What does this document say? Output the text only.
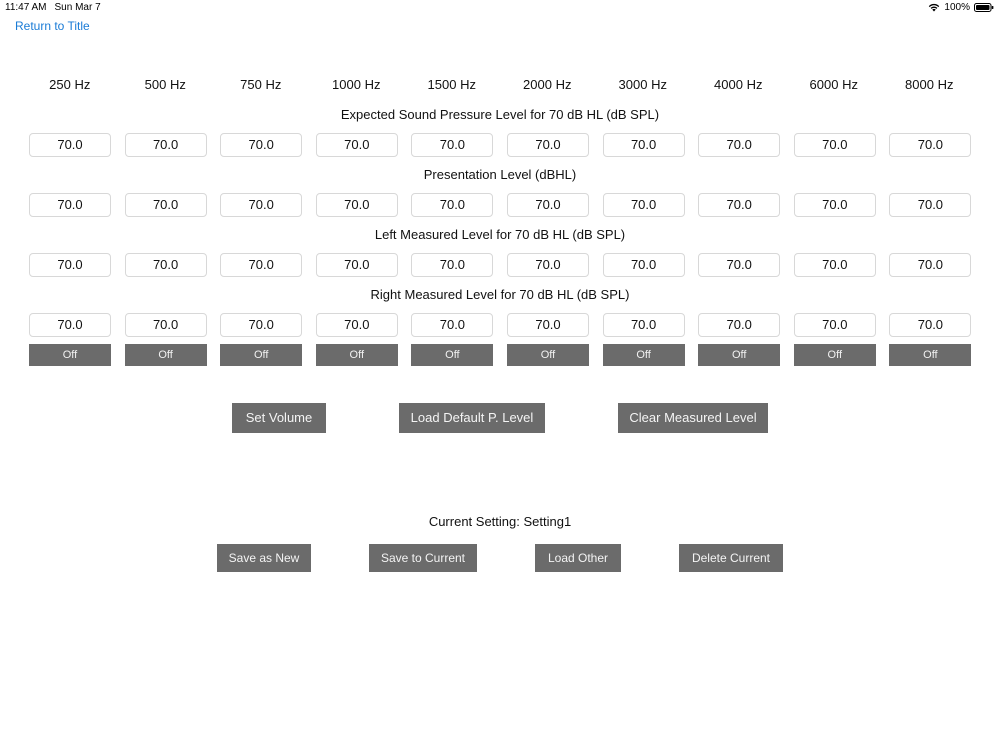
11:47 AM Sun Mar 7	100%
Return to Title
250 Hz	500 Hz	750 Hz	1000 Hz	1500 Hz	2000 Hz	3000 Hz	4000 Hz	6000 Hz	8000 Hz
Expected Sound Pressure Level for 70 dB HL (dB SPL)
70.0	70.0	70.0	70.0	70.0	70.0	70.0	70.0	70.0	70.0
Presentation Level (dBHL)
70.0	70.0	70.0	70.0	70.0	70.0	70.0	70.0	70.0	70.0
Left Measured Level for 70 dB HL (dB SPL)
70.0	70.0	70.0	70.0	70.0	70.0	70.0	70.0	70.0	70.0
Right Measured Level for 70 dB HL (dB SPL)
70.0	70.0	70.0	70.0	70.0	70.0	70.0	70.0	70.0	70.0
Off	Off	Off	Off	Off	Off	Off	Off	Off	Off
Set Volume	Load Default P. Level	Clear Measured Level
Current Setting: Setting1
Save as New	Save to Current	Load Other	Delete Current
